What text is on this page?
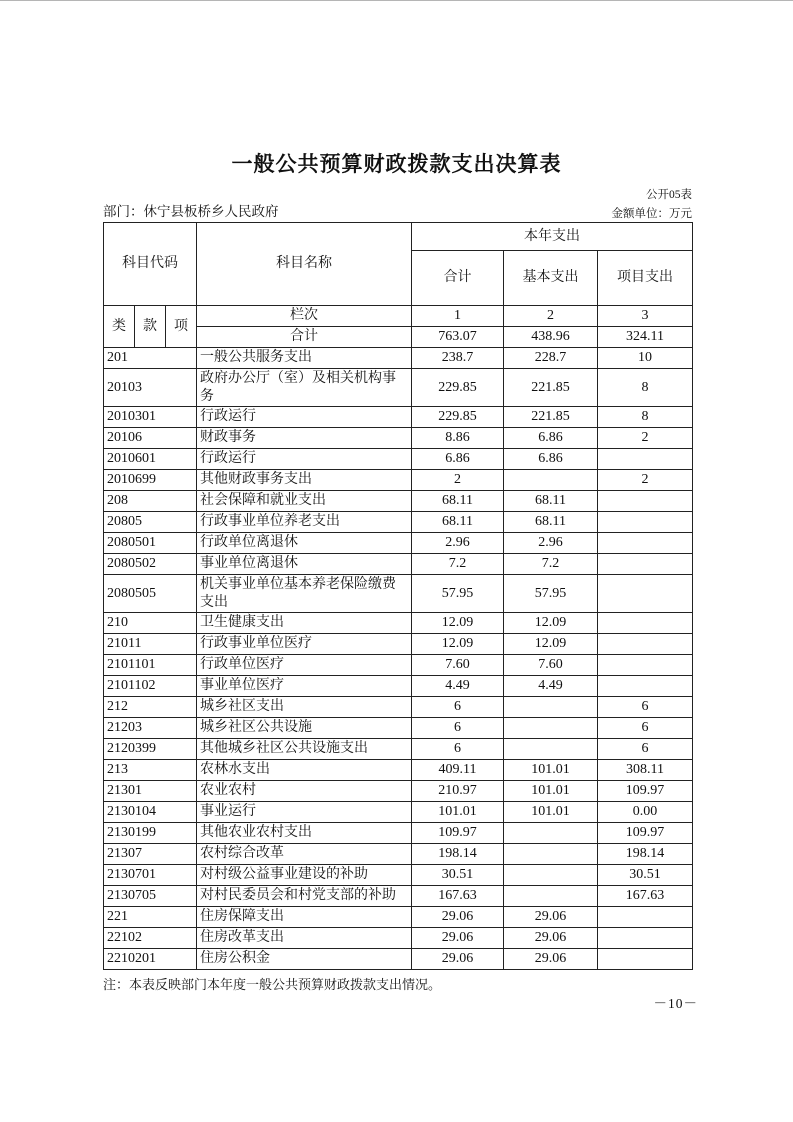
一般公共预算财政拨款支出决算表
公开05表
部门：休宁县板桥乡人民政府	金额单位：万元
科目代码			科目名称	本年支出		
				合计	基本支出	项目支出
类	款	项	栏次	1	2	3
			合计	763.07	438.96	324.11
201			一般公共服务支出	238.7	228.7	10
20103			政府办公厅（室）及相关机构事务	229.85	221.85	8
2010301			行政运行	229.85	221.85	8
20106			财政事务	8.86	6.86	2
2010601			行政运行	6.86	6.86	
2010699			其他财政事务支出	2		2
208			社会保障和就业支出	68.11	68.11	
20805			行政事业单位养老支出	68.11	68.11	
2080501			行政单位离退休	2.96	2.96	
2080502			事业单位离退休	7.2	7.2	
2080505			机关事业单位基本养老保险缴费支出	57.95	57.95	
210			卫生健康支出	12.09	12.09	
21011			行政事业单位医疗	12.09	12.09	
2101101			行政单位医疗	7.60	7.60	
2101102			事业单位医疗	4.49	4.49	
212			城乡社区支出	6		6
21203			城乡社区公共设施	6		6
2120399			其他城乡社区公共设施支出	6		6
213			农林水支出	409.11	101.01	308.11
21301			农业农村	210.97	101.01	109.97
2130104			事业运行	101.01	101.01	0.00
2130199			其他农业农村支出	109.97		109.97
21307			农村综合改革	198.14		198.14
2130701			对村级公益事业建设的补助	30.51		30.51
2130705			对村民委员会和村党支部的补助	167.63		167.63
221			住房保障支出	29.06	29.06	
22102			住房改革支出	29.06	29.06	
2210201			住房公积金	29.06	29.06	
注：本表反映部门本年度一般公共预算财政拨款支出情况。
－10－
